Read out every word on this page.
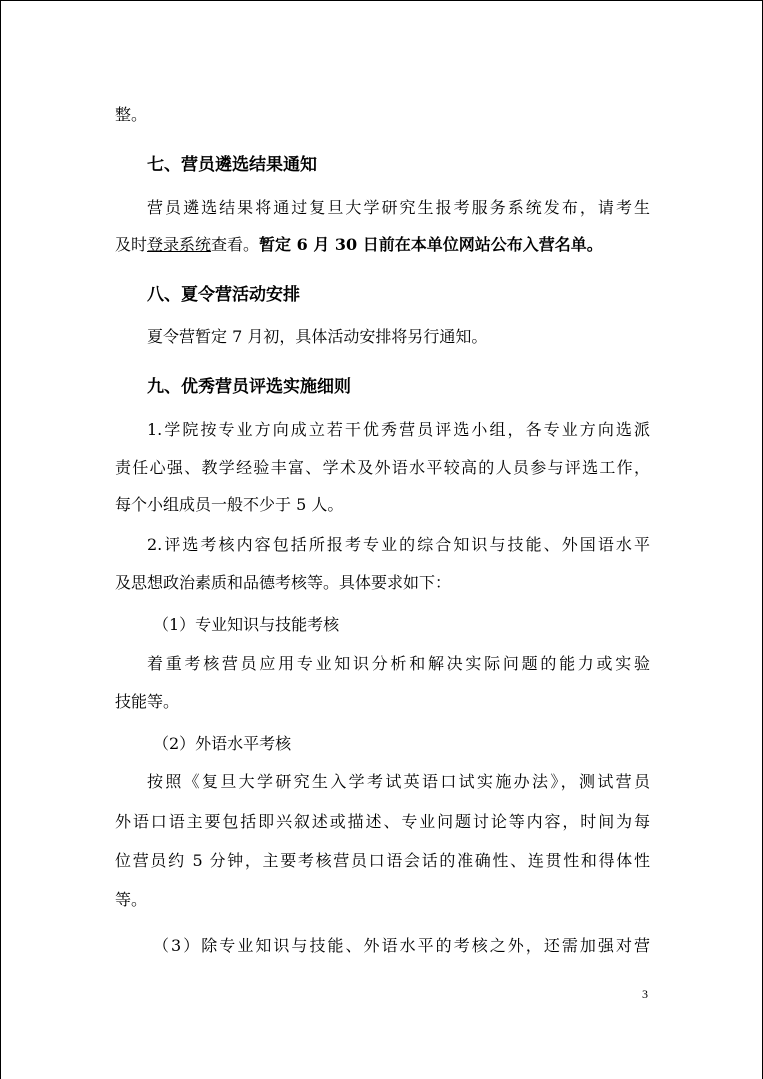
整。
七、营员遴选结果通知
营员遴选结果将通过复旦大学研究生报考服务系统发布，请考生
及时登录系统查看。暂定 6 月 30 日前在本单位网站公布入营名单。
八、夏令营活动安排
夏令营暂定 7 月初，具体活动安排将另行通知。
九、优秀营员评选实施细则
1.学院按专业方向成立若干优秀营员评选小组，各专业方向选派
责任心强、教学经验丰富、学术及外语水平较高的人员参与评选工作，
每个小组成员一般不少于 5 人。
2.评选考核内容包括所报考专业的综合知识与技能、外国语水平
及思想政治素质和品德考核等。具体要求如下：
（1）专业知识与技能考核
着重考核营员应用专业知识分析和解决实际问题的能力或实验
技能等。
（2）外语水平考核
按照《复旦大学研究生入学考试英语口试实施办法》，测试营员
外语口语主要包括即兴叙述或描述、专业问题讨论等内容，时间为每
位营员约 5 分钟，主要考核营员口语会话的准确性、连贯性和得体性
等。
（3）除专业知识与技能、外语水平的考核之外，还需加强对营
3
